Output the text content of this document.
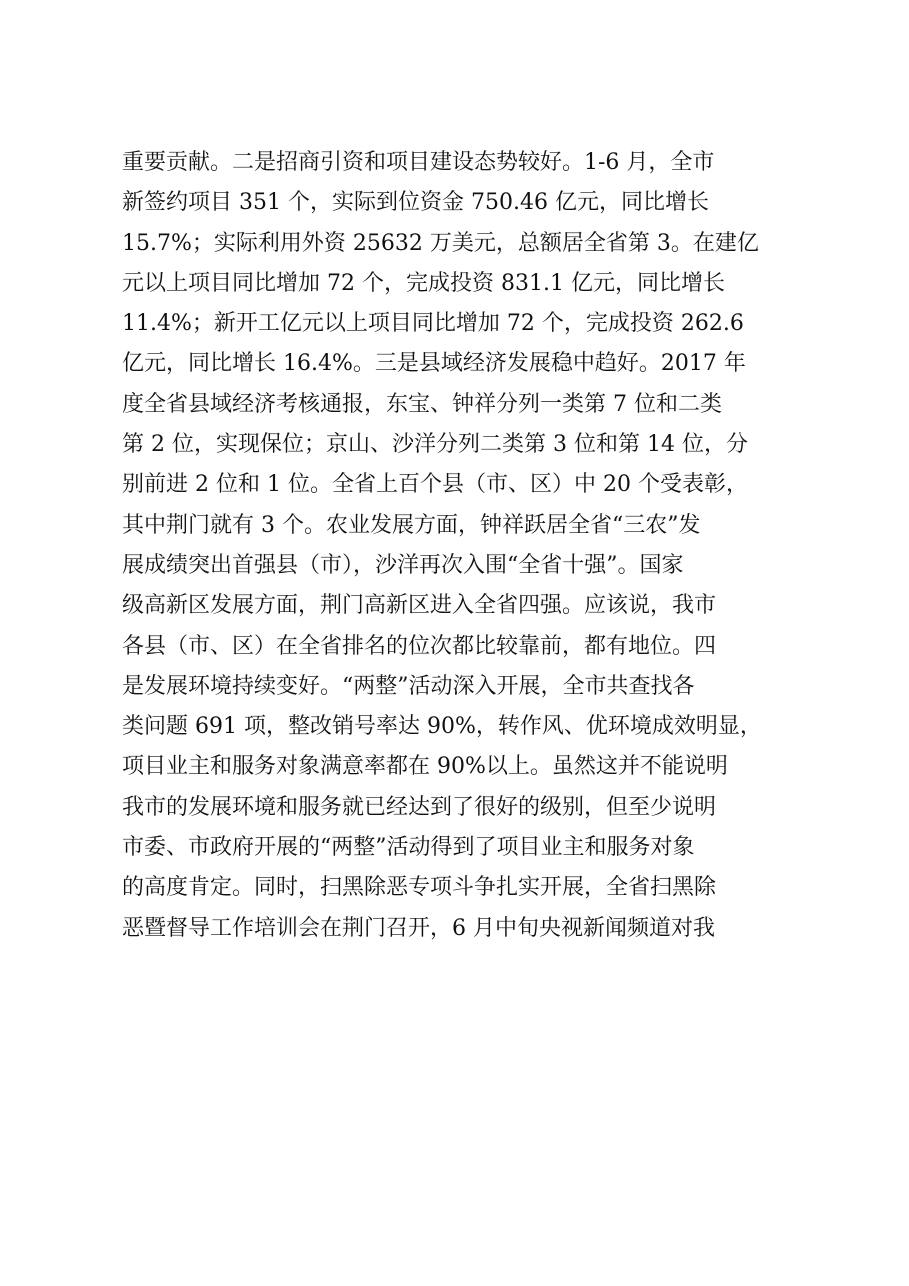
重要贡献。二是招商引资和项目建设态势较好。1-6 月，全市
新签约项目 351 个，实际到位资金 750.46 亿元，同比增长
15.7%；实际利用外资 25632 万美元，总额居全省第 3。在建亿
元以上项目同比增加 72 个，完成投资 831.1 亿元，同比增长
11.4%；新开工亿元以上项目同比增加 72 个，完成投资 262.6
亿元，同比增长 16.4%。三是县域经济发展稳中趋好。2017 年
度全省县域经济考核通报，东宝、钟祥分列一类第 7 位和二类
第 2 位，实现保位；京山、沙洋分列二类第 3 位和第 14 位，分
别前进 2 位和 1 位。全省上百个县（市、区）中 20 个受表彰，
其中荆门就有 3 个。农业发展方面，钟祥跃居全省“三农”发
展成绩突出首强县（市），沙洋再次入围“全省十强”。国家
级高新区发展方面，荆门高新区进入全省四强。应该说，我市
各县（市、区）在全省排名的位次都比较靠前，都有地位。四
是发展环境持续变好。“两整”活动深入开展，全市共查找各
类问题 691 项，整改销号率达 90%，转作风、优环境成效明显，
项目业主和服务对象满意率都在 90%以上。虽然这并不能说明
我市的发展环境和服务就已经达到了很好的级别，但至少说明
市委、市政府开展的“两整”活动得到了项目业主和服务对象
的高度肯定。同时，扫黑除恶专项斗争扎实开展，全省扫黑除
恶暨督导工作培训会在荆门召开，6 月中旬央视新闻频道对我
